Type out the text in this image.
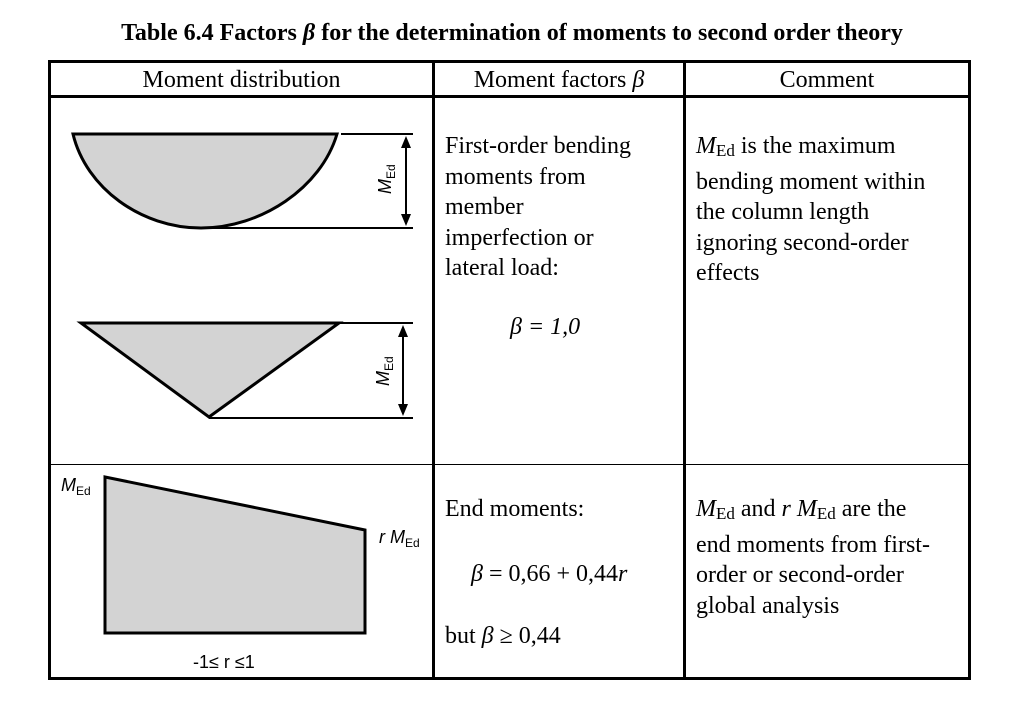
Table 6.4 Factors β for the determination of moments to second order theory
Moment distribution	Moment factors β	Comment
$M_{Ed}$
$M_{Ed}$
First-order bending
moments from
member
imperfection or
lateral load:
β = 1,0
MEd is the maximum
bending moment within
the column length
ignoring second-order
effects
$M_{Ed}$
r $M_{Ed}$
-1≤ r ≤1
End moments:
β = 0,66 + 0,44r
but β ≥ 0,44
MEd and r MEd are the
end moments from first-
order or second-order
global analysis
